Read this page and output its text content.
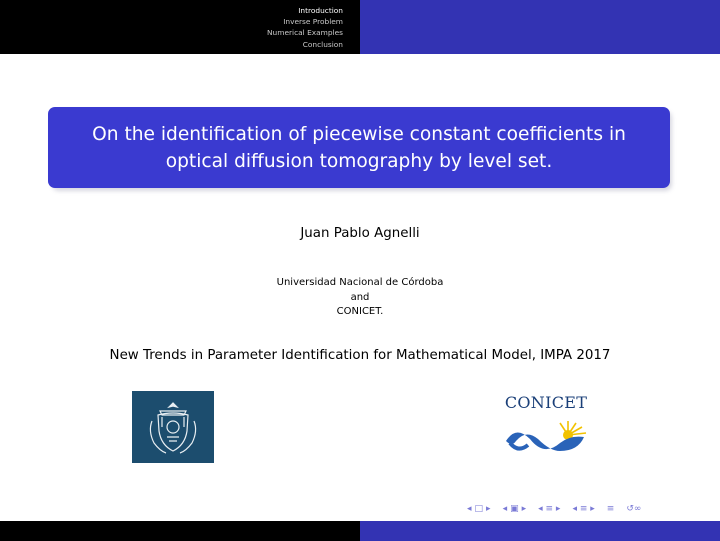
Introduction
Inverse Problem
Numerical Examples
Conclusion
On the identification of piecewise constant coefficients in
optical diffusion tomography by level set.
Juan Pablo Agnelli
Universidad Nacional de Córdoba
and
CONICET.
New Trends in Parameter Identification for Mathematical Model, IMPA 2017
CONICET
◂ □ ▸ ◂ ▣ ▸ ◂ ≡ ▸ ◂ ≡ ▸ ≡ ↺∞
